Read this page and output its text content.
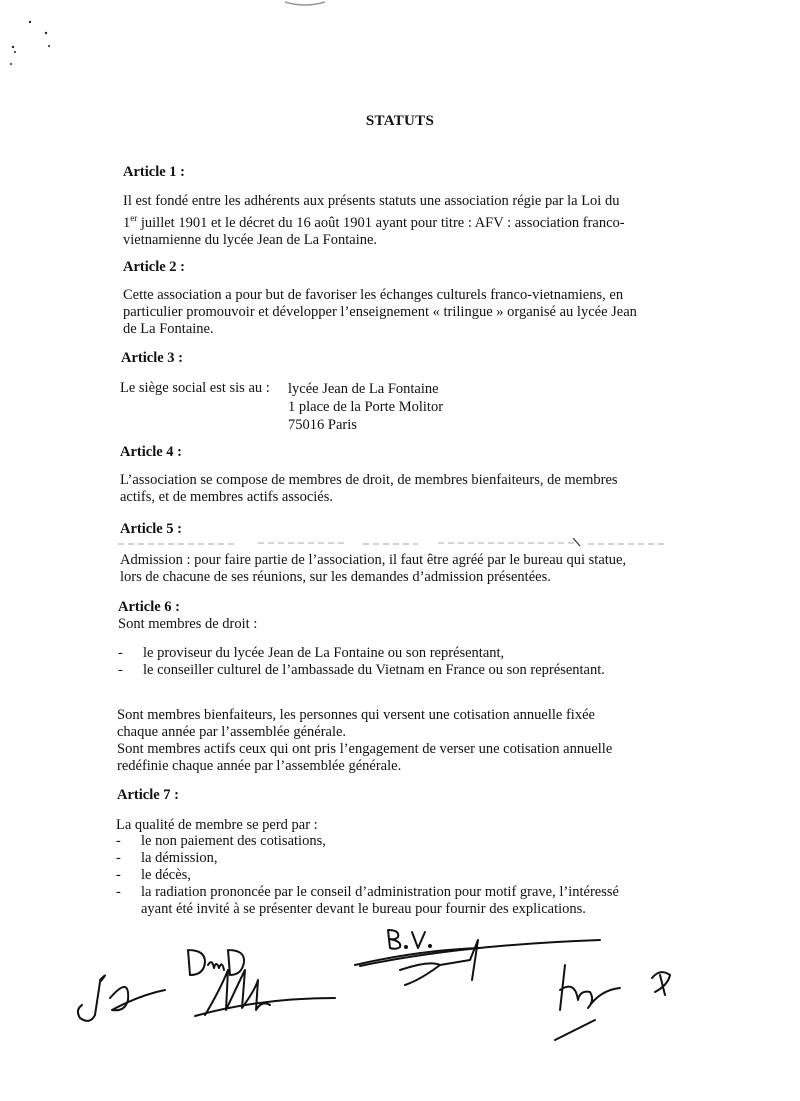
STATUTS
Article 1 :
Il est fondé entre les adhérents aux présents statuts une association régie par la Loi du
1er juillet 1901 et le décret du 16 août 1901 ayant pour titre : AFV : association franco-
vietnamienne du lycée Jean de La Fontaine.
Article 2 :
Cette association a pour but de favoriser les échanges culturels franco-vietnamiens, en
particulier promouvoir et développer l’enseignement « trilingue » organisé au lycée Jean
de La Fontaine.
Article 3 :
Le siège social est sis au : lycée Jean de La Fontaine
1 place de la Porte Molitor
75016 Paris
Article 4 :
L’association se compose de membres de droit, de membres bienfaiteurs, de membres
actifs, et de membres actifs associés.
Article 5 :
Admission : pour faire partie de l’association, il faut être agréé par le bureau qui statue,
lors de chacune de ses réunions, sur les demandes d’admission présentées.
Article 6 :
Sont membres de droit :
- le proviseur du lycée Jean de La Fontaine ou son représentant,
- le conseiller culturel de l’ambassade du Vietnam en France ou son représentant.
Sont membres bienfaiteurs, les personnes qui versent une cotisation annuelle fixée
chaque année par l’assemblée générale.
Sont membres actifs ceux qui ont pris l’engagement de verser une cotisation annuelle
redéfinie chaque année par l’assemblée générale.
Article 7 :
La qualité de membre se perd par :
- le non paiement des cotisations,
- la démission,
- le décès,
- la radiation prononcée par le conseil d’administration pour motif grave, l’intéressé
ayant été invité à se présenter devant le bureau pour fournir des explications.
